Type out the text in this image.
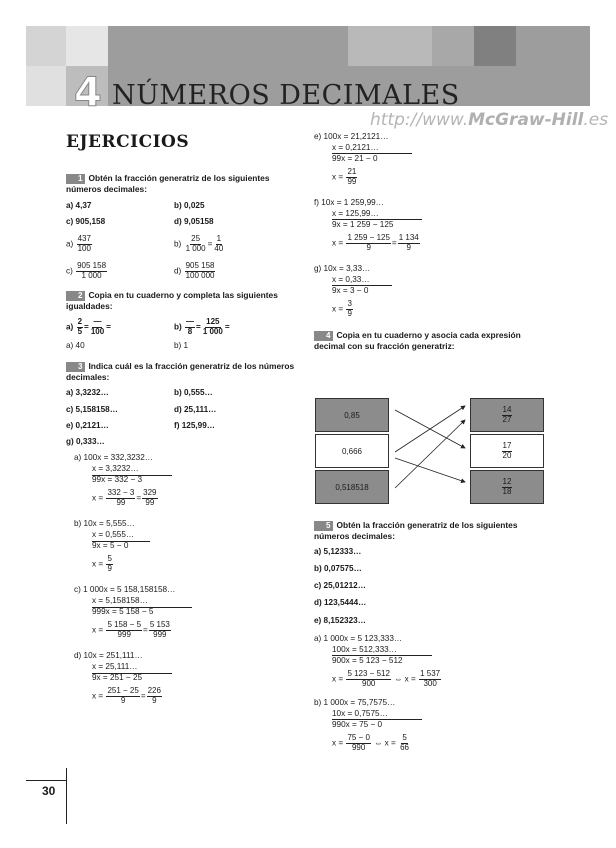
4 NÚMEROS DECIMALES
http://www.McGraw-Hill.es
EJERCICIOS
1 Obtén la fracción generatriz de los siguientes números decimales:
a) 4,37	b) 0,025
c) 905,158	d) 9,05158
$a) \frac{437}{100}$	$b) \frac{25}{1 000} = \frac{1}{40}$
$c) \frac{905 158}{1 000}$	$d) \frac{905 158}{100 000}$
2 Copia en tu cuaderno y completa las siguientes igualdades:
$a) \frac{2}{5} = \frac{—}{100}$ =	$b) \frac{—}{8} = \frac{125}{1 000}$ =
a) 40	b) 1
3 Indica cuál es la fracción generatriz de los números decimales:
a) 3,3232…	b) 0,555…
c) 5,158158…	d) 25,111…
e) 0,2121…	f) 125,99…
g) 0,333…
a) 100x = 332,3232…
x = 3,3232…
99x = 332 − 3
$x = \frac{332 - 3}{99} = \frac{329}{99}$
b) 10x = 5,555…
x = 0,555…
9x = 5 − 0
$x = \frac{5}{9}$
c) 1 000x = 5 158,158158…
x = 5,158158…
999x = 5 158 − 5
$x = \frac{5 158 - 5}{999} = \frac{5 153}{999}$
d) 10x = 251,111…
x = 25,111…
9x = 251 − 25
$x = \frac{251 - 25}{9} = \frac{226}{9}$
e) 100x = 21,2121…
x = 0,2121…
99x = 21 − 0
$x = \frac{21}{99}$
f) 10x = 1 259,99…
x = 125,99…
9x = 1 259 − 125
$x = \frac{1 259 - 125}{9} = \frac{1 134}{9}$
g) 10x = 3,33…
x = 0,33…
9x = 3 − 0
$x = \frac{3}{9}$
4 Copia en tu cuaderno y asocia cada expresión decimal con su fracción generatriz:
0,85
0,666
0,518518
$\frac{14}{27}$
$\frac{17}{20}$
$\frac{12}{18}$
5 Obtén la fracción generatriz de los siguientes números decimales:
a) 5,12333…
b) 0,07575…
c) 25,01212…
d) 123,5444…
e) 8,152323…
a) 1 000x = 5 123,333…
100x = 512,333…
900x = 5 123 − 512
$x = \frac{5 123 - 512}{900}$ ⇔ $x = \frac{1 537}{300}$
b) 1 000x = 75,7575…
10x = 0,7575…
990x = 75 − 0
$x = \frac{75 - 0}{990}$ ⇔ $x = \frac{5}{66}$
30
